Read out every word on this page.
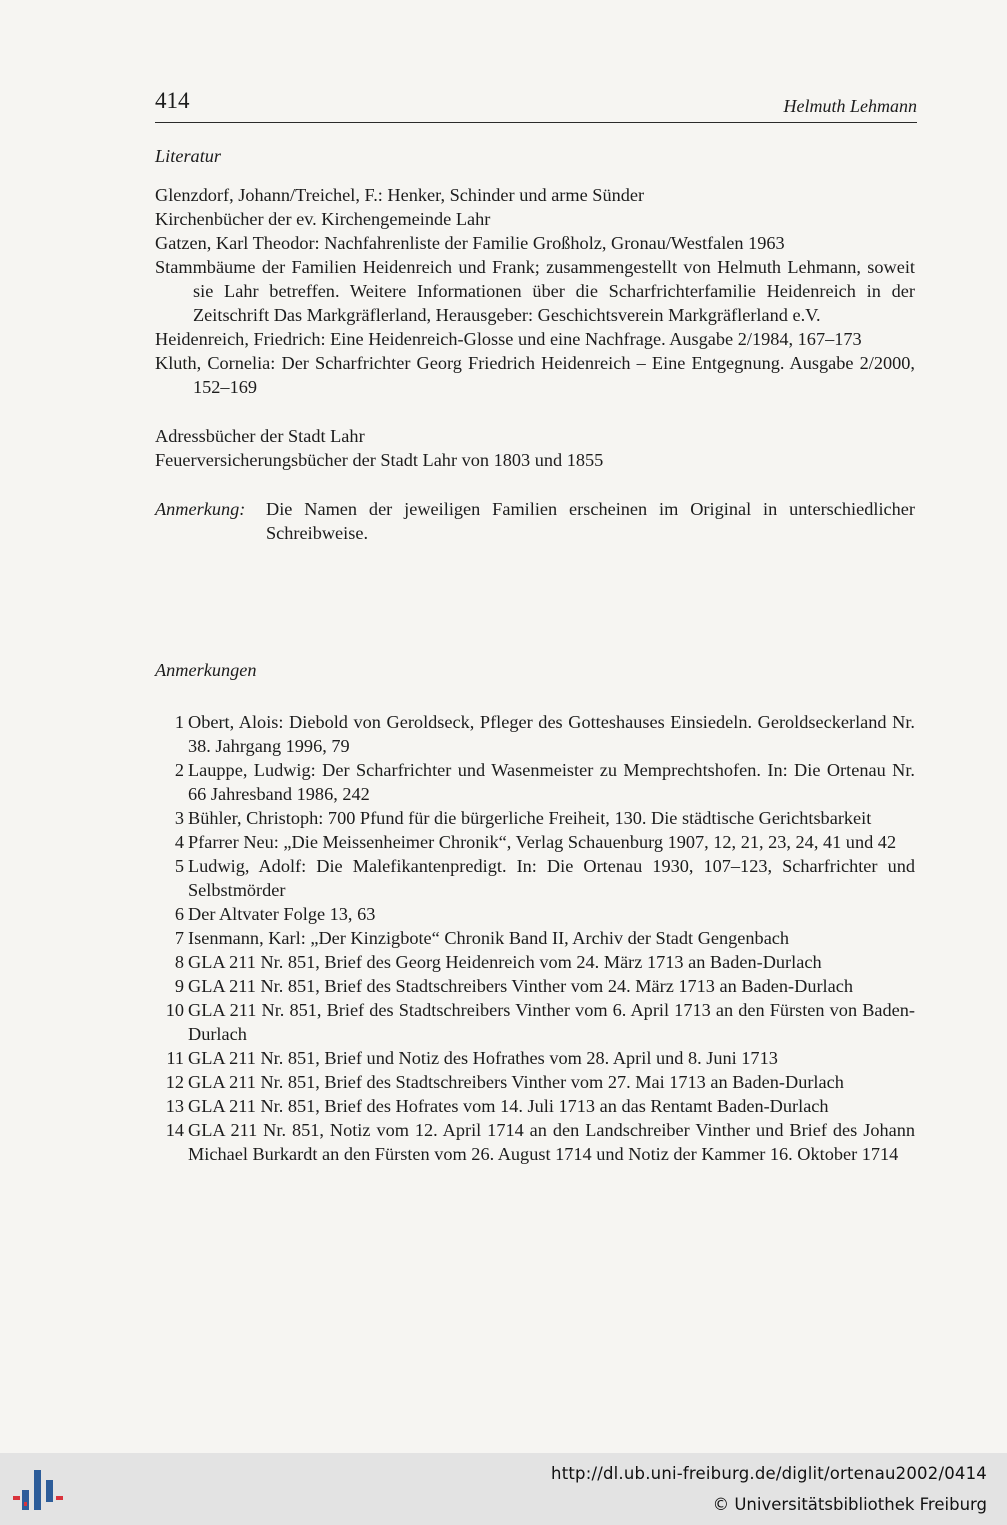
414	Helmuth Lehmann
Literatur
Glenzdorf, Johann/Treichel, F.: Henker, Schinder und arme Sünder
Kirchenbücher der ev. Kirchengemeinde Lahr
Gatzen, Karl Theodor: Nachfahrenliste der Familie Großholz, Gronau/Westfalen 1963
Stammbäume der Familien Heidenreich und Frank; zusammengestellt von Helmuth Lehmann, soweit sie Lahr betreffen. Weitere Informationen über die Scharfrichterfamilie Heidenreich in der Zeitschrift Das Markgräflerland, Herausgeber: Geschichtsverein Markgräflerland e.V.
Heidenreich, Friedrich: Eine Heidenreich-Glosse und eine Nachfrage. Ausgabe 2/1984, 167–173
Kluth, Cornelia: Der Scharfrichter Georg Friedrich Heidenreich – Eine Entgegnung. Ausgabe 2/2000, 152–169
Adressbücher der Stadt Lahr
Feuerversicherungsbücher der Stadt Lahr von 1803 und 1855
Anmerkung:	Die Namen der jeweiligen Familien erscheinen im Original in unterschiedlicher Schreibweise.
Anmerkungen
1 Obert, Alois: Diebold von Geroldseck, Pfleger des Gotteshauses Einsiedeln. Geroldseckerland Nr. 38. Jahrgang 1996, 79
2 Lauppe, Ludwig: Der Scharfrichter und Wasenmeister zu Memprechtshofen. In: Die Ortenau Nr. 66 Jahresband 1986, 242
3 Bühler, Christoph: 700 Pfund für die bürgerliche Freiheit, 130. Die städtische Gerichtsbarkeit
4 Pfarrer Neu: „Die Meissenheimer Chronik“, Verlag Schauenburg 1907, 12, 21, 23, 24, 41 und 42
5 Ludwig, Adolf: Die Malefikantenpredigt. In: Die Ortenau 1930, 107–123, Scharfrichter und Selbstmörder
6 Der Altvater Folge 13, 63
7 Isenmann, Karl: „Der Kinzigbote“ Chronik Band II, Archiv der Stadt Gengenbach
8 GLA 211 Nr. 851, Brief des Georg Heidenreich vom 24. März 1713 an Baden-Durlach
9 GLA 211 Nr. 851, Brief des Stadtschreibers Vinther vom 24. März 1713 an Baden-Durlach
10 GLA 211 Nr. 851, Brief des Stadtschreibers Vinther vom 6. April 1713 an den Fürsten von Baden-Durlach
11 GLA 211 Nr. 851, Brief und Notiz des Hofrathes vom 28. April und 8. Juni 1713
12 GLA 211 Nr. 851, Brief des Stadtschreibers Vinther vom 27. Mai 1713 an Baden-Durlach
13 GLA 211 Nr. 851, Brief des Hofrates vom 14. Juli 1713 an das Rentamt Baden-Durlach
14 GLA 211 Nr. 851, Notiz vom 12. April 1714 an den Landschreiber Vinther und Brief des Johann Michael Burkardt an den Fürsten vom 26. August 1714 und Notiz der Kammer 16. Oktober 1714
http://dl.ub.uni-freiburg.de/diglit/ortenau2002/0414
© Universitätsbibliothek Freiburg
